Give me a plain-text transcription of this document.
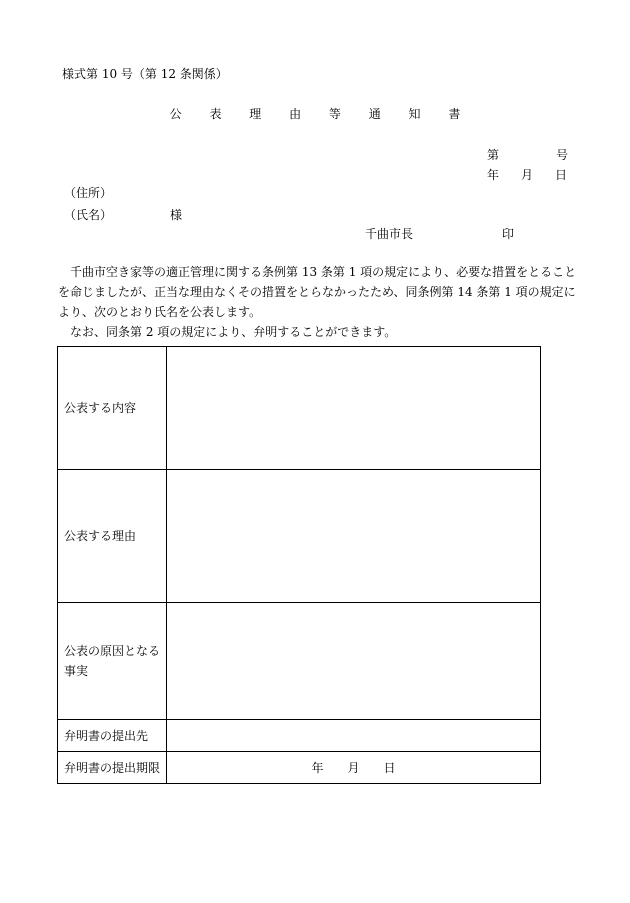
様式第 10 号（第 12 条関係）
公 表 理 由 等 通 知 書
第	号
年 月 日
（住所）
（氏名）	様
千曲市長	印

千曲市空き家等の適正管理に関する条例第 13 条第 1 項の規定により、必要な措置をとることを命じましたが、正当な理由なくその措置をとらなかったため、同条例第 14 条第 1 項の規定により、次のとおり氏名を公表します。

なお、同条第 2 項の規定により、弁明することができます。

公表する内容	
公表する理由	
公表の原因となる事実	
弁明書の提出先	
弁明書の提出期限	年 月 日
